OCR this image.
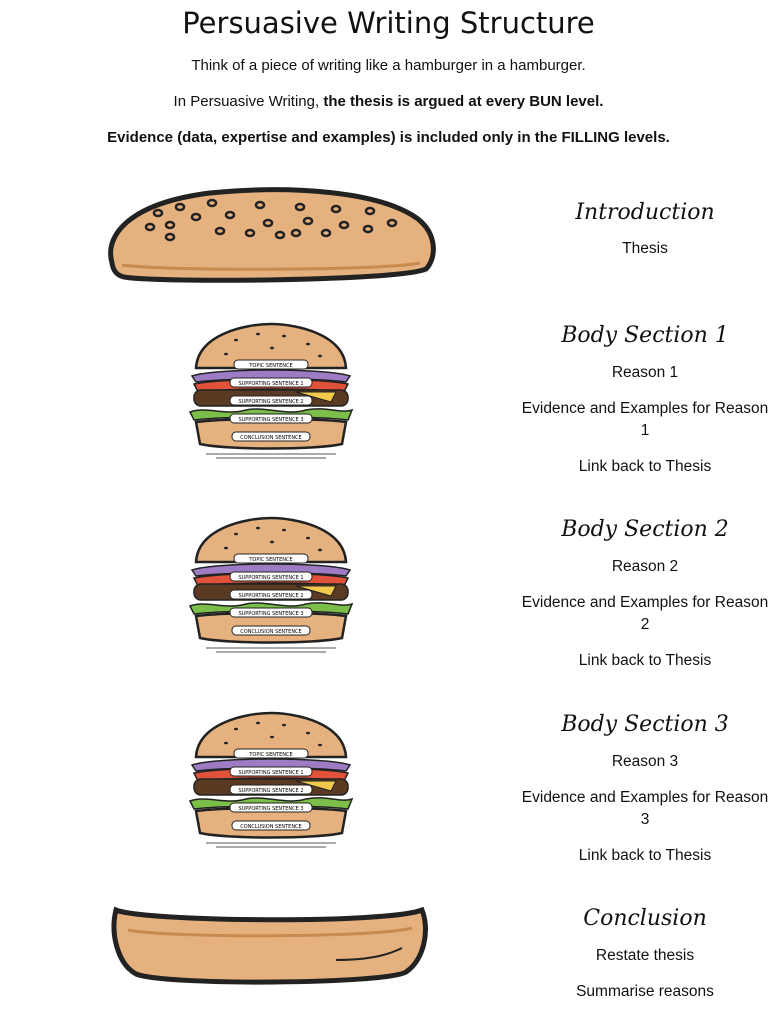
Persuasive Writing Structure
Think of a piece of writing like a hamburger in a hamburger.
In Persuasive Writing, the thesis is argued at every BUN level.
Evidence (data, expertise and examples) is included only in the FILLING levels.
TOPIC SENTENCE
SUPPORTING SENTENCE 1
SUPPORTING SENTENCE 2
SUPPORTING SENTENCE 3
CONCLUSION SENTENCE
TOPIC SENTENCE
SUPPORTING SENTENCE 1
SUPPORTING SENTENCE 2
SUPPORTING SENTENCE 3
CONCLUSION SENTENCE
TOPIC SENTENCE
SUPPORTING SENTENCE 1
SUPPORTING SENTENCE 2
SUPPORTING SENTENCE 3
CONCLUSION SENTENCE

Introduction

Thesis

Body Section 1

Reason 1

Evidence and Examples for Reason 1

Link back to Thesis

Body Section 2

Reason 2

Evidence and Examples for Reason 2

Link back to Thesis

Body Section 3

Reason 3

Evidence and Examples for Reason 3

Link back to Thesis

Conclusion

Restate thesis

Summarise reasons
